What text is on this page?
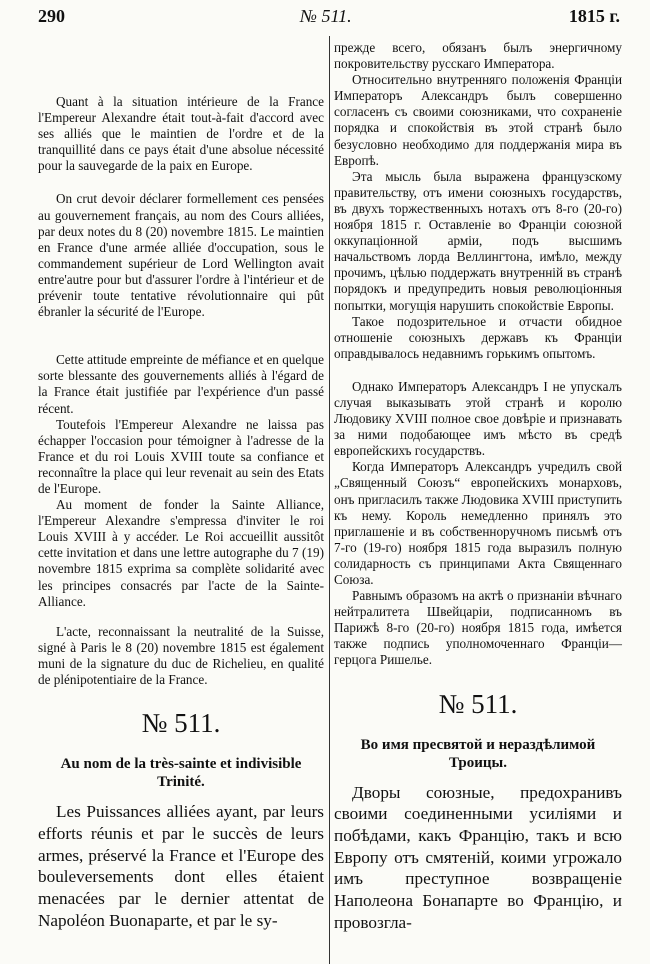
290	№ 511.	1815 г.

Quant à la situation intérieure de la France l'Empereur Alexandre était tout-à-fait d'accord avec ses alliés que le maintien de l'ordre et de la tranquillité dans ce pays était d'une absolue nécessité pour la sauvegarde de la paix en Europe.

On crut devoir déclarer formellement ces pensées au gouvernement français, au nom des Cours alliées, par deux notes du 8 (20) novembre 1815. Le maintien en France d'une armée alliée d'occupation, sous le commandement supérieur de Lord Wellington avait entre'autre pour but d'assurer l'ordre à l'intérieur et de prévenir toute tentative révolutionnaire qui pût ébranler la sécurité de l'Europe.

Cette attitude empreinte de méfiance et en quelque sorte blessante des gouvernements alliés à l'égard de la France était justifiée par l'expérience d'un passé récent.

Toutefois l'Empereur Alexandre ne laissa pas échapper l'occasion pour témoigner à l'adresse de la France et du roi Louis XVIII toute sa confiance et reconnaître la place qui leur revenait au sein des Etats de l'Europe.

Au moment de fonder la Sainte Alliance, l'Empereur Alexandre s'empressa d'inviter le roi Louis XVIII à y accéder. Le Roi accueillit aussitôt cette invitation et dans une lettre autographe du 7 (19) novembre 1815 exprima sa complète solidarité avec les principes consacrés par l'acte de la Sainte-Alliance.

L'acte, reconnaissant la neutralité de la Suisse, signé à Paris le 8 (20) novembre 1815 est également muni de la signature du duc de Richelieu, en qualité de plénipotentiaire de la France.

№ 511.
Au nom de la très-sainte et indivisible Trinité.

Les Puissances alliées ayant, par leurs efforts réunis et par le succès de leurs armes, préservé la France et l'Europe des bouleversements dont elles étaient menacées par le dernier attentat de Napoléon Buonaparte, et par le sy-

прежде всего, обязанъ былъ энергичному покровительству русскаго Императора.

Относительно внутренняго положенія Франціи Императоръ Александръ былъ совершенно согласенъ съ своими союзниками, что сохраненіе порядка и спокойствія въ этой странѣ было безусловно необходимо для поддержанія мира въ Европѣ.

Эта мысль была выражена французскому правительству, отъ имени союзныхъ государствъ, въ двухъ торжественныхъ нотахъ отъ 8-го (20-го) ноября 1815 г. Оставленіе во Франціи союзной оккупаціонной арміи, подъ высшимъ начальствомъ лорда Веллингтона, имѣло, между прочимъ, цѣлью поддержать внутренній въ странѣ порядокъ и предупредить новыя революціонныя попытки, могущія нарушить спокойствіе Европы.

Такое подозрительное и отчасти обидное отношеніе союзныхъ державъ къ Франціи оправдывалось недавнимъ горькимъ опытомъ.

Однако Императоръ Александръ I не упускалъ случая выказывать этой странѣ и королю Людовику XVIII полное свое довѣріе и признавать за ними подобающее имъ мѣсто въ средѣ европейскихъ государствъ.

Когда Императоръ Александръ учредилъ свой „Священный Союзъ“ европейскихъ монарховъ, онъ пригласилъ также Людовика XVIII приступить къ нему. Король немедленно принялъ это приглашеніе и въ собственноручномъ письмѣ отъ 7-го (19-го) ноября 1815 года выразилъ полную солидарность съ принципами Акта Священнаго Союза.

Равнымъ образомъ на актѣ о признаніи вѣчнаго нейтралитета Швейцаріи, подписанномъ въ Парижѣ 8-го (20-го) ноября 1815 года, имѣется также подпись уполномоченнаго Франціи—герцога Ришелье.

№ 511.
Во имя пресвятой и нераздѣлимой Троицы.

Дворы союзные, предохранивъ своими соединенными усиліями и побѣдами, какъ Францію, такъ и всю Европу отъ смятеній, коими угрожало имъ преступное возвращеніе Наполеона Бонапарте во Францію, и провозгла-
